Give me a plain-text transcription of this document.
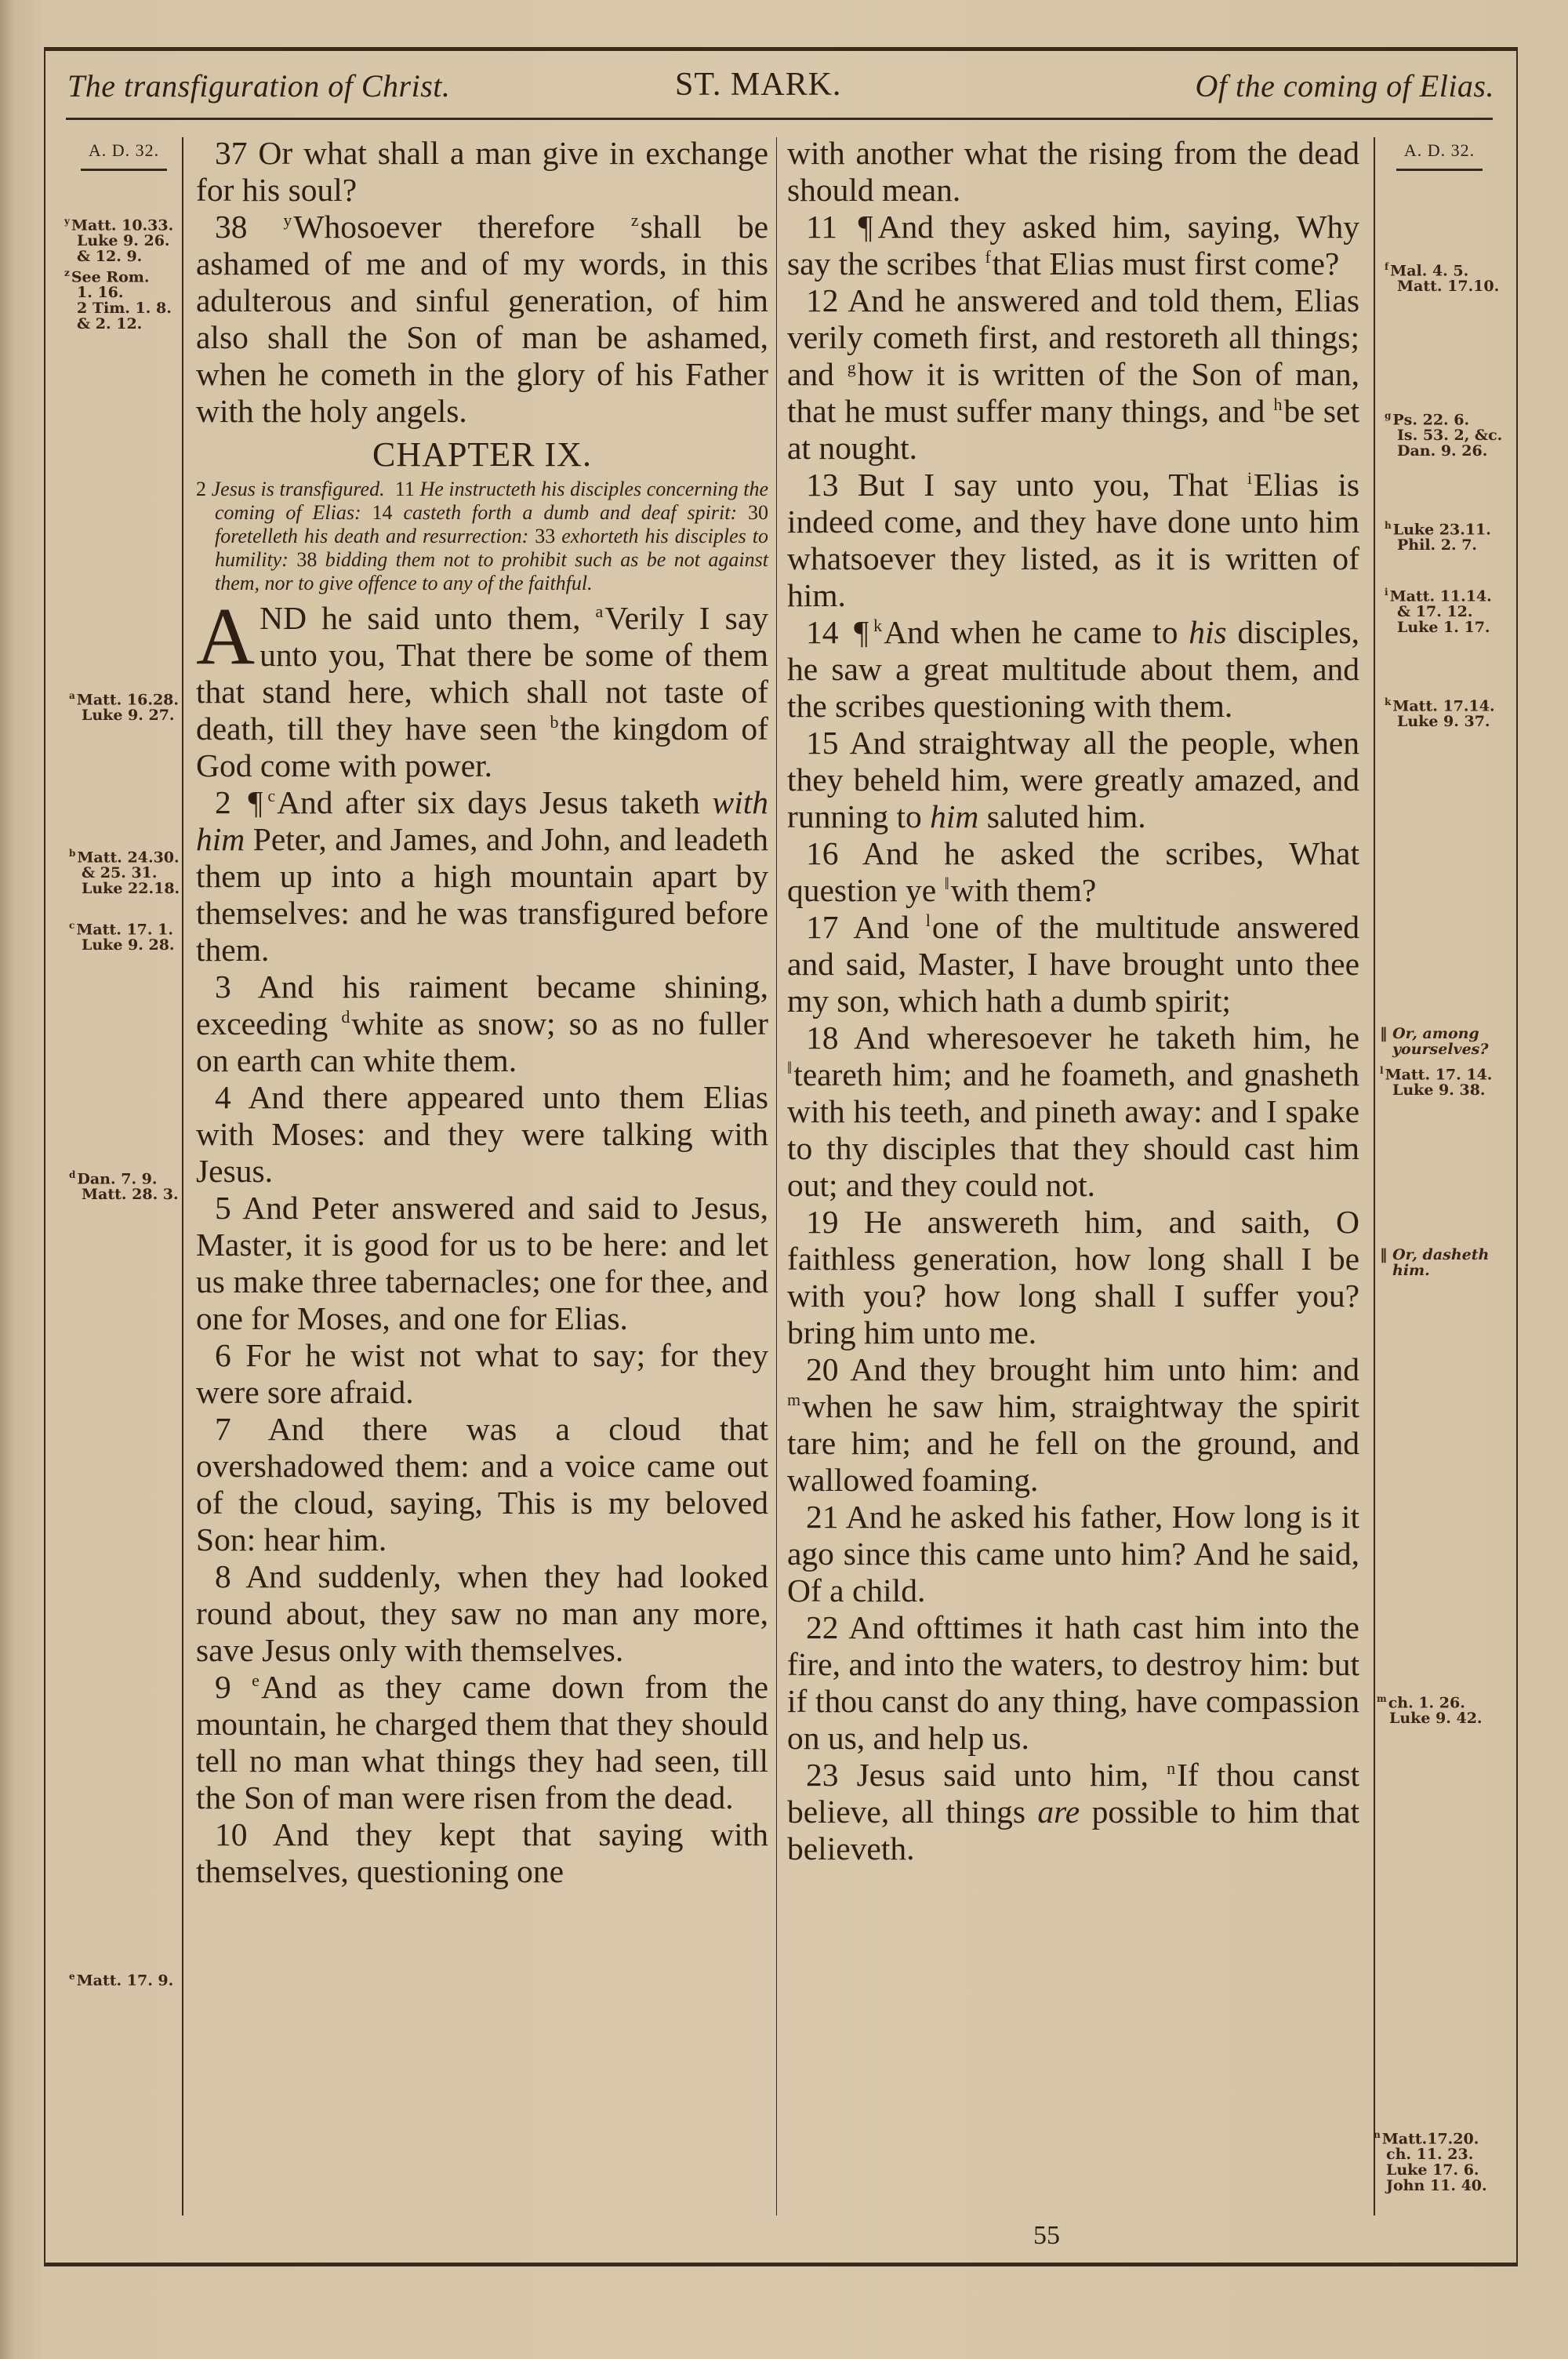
The transfiguration of Christ.	ST. MARK.	Of the coming of Elias.
A. D. 32.
$^y$ Matt. 10.33.
Luke 9. 26.
& 12. 9.
$^z$ See Rom.
1. 16.
2 Tim. 1. 8.
& 2. 12.
$^a$ Matt. 16.28.
Luke 9. 27.
$^b$ Matt. 24.30.
& 25. 31.
Luke 22.18.
$^c$ Matt. 17. 1.
Luke 9. 28.
$^d$ Dan. 7. 9.
Matt. 28. 3.
$^e$ Matt. 17. 9.
A. D. 32.
$^f$ Mal. 4. 5.
Matt. 17.10.
$^g$ Ps. 22. 6.
Is. 53. 2, &c.
Dan. 9. 26.
$^h$ Luke 23.11.
Phil. 2. 7.
$^i$ Matt. 11.14.
& 17. 12.
Luke 1. 17.
$^k$ Matt. 17.14.
Luke 9. 37.
‖ Or, among
yourselves?
$^l$ Matt. 17. 14.
Luke 9. 38.
‖ Or, dasheth
him.
$^m$ ch. 1. 26.
Luke 9. 42.
$^n$ Matt.17.20.
ch. 11. 23.
Luke 17. 6.
John 11. 40.

37 Or what shall a man give in exchange for his soul?

38 $^y$Whosoever therefore $^z$shall be ashamed of me and of my words, in this adulterous and sinful generation, of him also shall the Son of man be ashamed, when he cometh in the glory of his Father with the holy angels.

CHAPTER IX.
2 Jesus is transfigured. 11 He instructeth his disciples concerning the coming of Elias: 14 casteth forth a dumb and deaf spirit: 30 foretelleth his death and resurrection: 33 exhorteth his disciples to humility: 38 bidding them not to prohibit such as be not against them, nor to give offence to any of the faithful.

AND he said unto them, $^a$Verily I say unto you, That there be some of them that stand here, which shall not taste of death, till they have seen $^b$the kingdom of God come with power.

2 ¶ $^c$And after six days Jesus taketh with him Peter, and James, and John, and leadeth them up into a high mountain apart by themselves: and he was transfigured before them.

3 And his raiment became shining, exceeding $^d$white as snow; so as no fuller on earth can white them.

4 And there appeared unto them Elias with Moses: and they were talking with Jesus.

5 And Peter answered and said to Jesus, Master, it is good for us to be here: and let us make three tabernacles; one for thee, and one for Moses, and one for Elias.

6 For he wist not what to say; for they were sore afraid.

7 And there was a cloud that overshadowed them: and a voice came out of the cloud, saying, This is my beloved Son: hear him.

8 And suddenly, when they had looked round about, they saw no man any more, save Jesus only with themselves.

9 $^e$And as they came down from the mountain, he charged them that they should tell no man what things they had seen, till the Son of man were risen from the dead.

10 And they kept that saying with themselves, questioning one

with another what the rising from the dead should mean.

11 ¶ And they asked him, saying, Why say the scribes $^f$that Elias must first come?

12 And he answered and told them, Elias verily cometh first, and restoreth all things; and $^g$how it is written of the Son of man, that he must suffer many things, and $^h$be set at nought.

13 But I say unto you, That $^i$Elias is indeed come, and they have done unto him whatsoever they listed, as it is written of him.

14 ¶ $^k$And when he came to his disciples, he saw a great multitude about them, and the scribes questioning with them.

15 And straightway all the people, when they beheld him, were greatly amazed, and running to him saluted him.

16 And he asked the scribes, What question ye ‖with them?

17 And $^l$one of the multitude answered and said, Master, I have brought unto thee my son, which hath a dumb spirit;

18 And wheresoever he taketh him, he ‖teareth him; and he foameth, and gnasheth with his teeth, and pineth away: and I spake to thy disciples that they should cast him out; and they could not.

19 He answereth him, and saith, O faithless generation, how long shall I be with you? how long shall I suffer you? bring him unto me.

20 And they brought him unto him: and $^m$when he saw him, straightway the spirit tare him; and he fell on the ground, and wallowed foaming.

21 And he asked his father, How long is it ago since this came unto him? And he said, Of a child.

22 And ofttimes it hath cast him into the fire, and into the waters, to destroy him: but if thou canst do any thing, have compassion on us, and help us.

23 Jesus said unto him, $^n$If thou canst believe, all things are possible to him that believeth.

55
